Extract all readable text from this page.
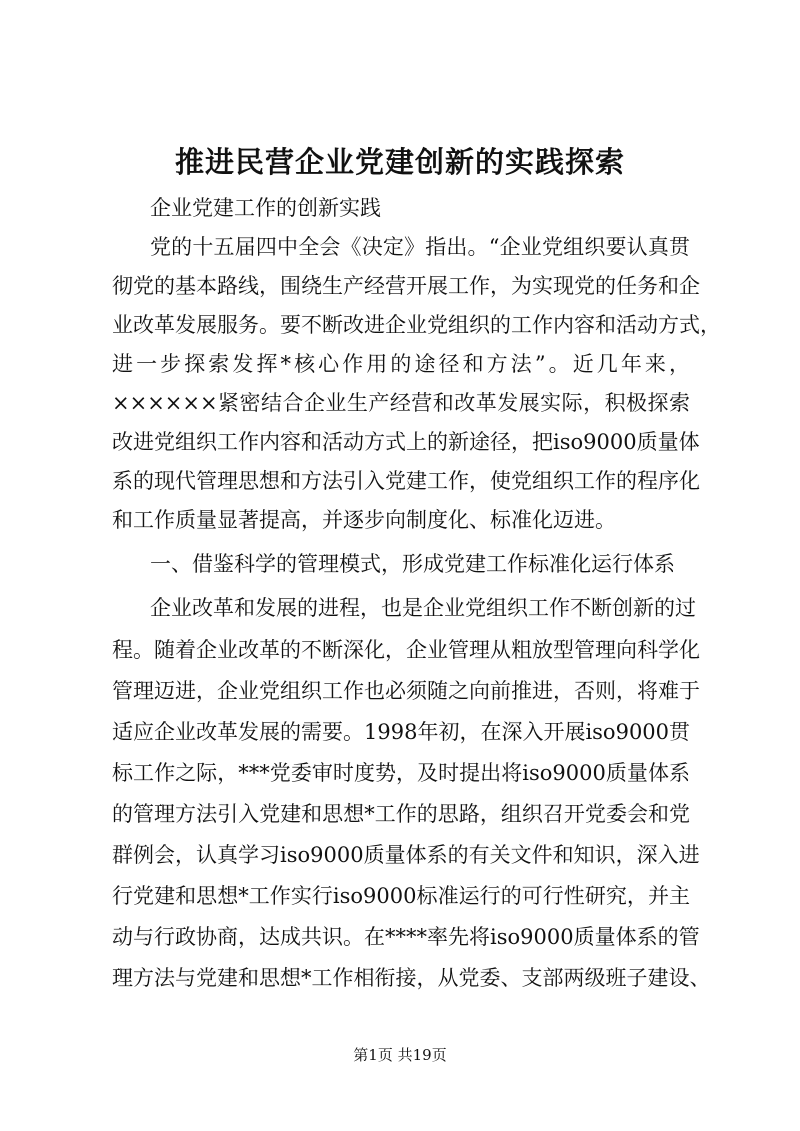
推进民营企业党建创新的实践探索
企业党建工作的创新实践
党的十五届四中全会《决定》指出。“企业党组织要认真贯
彻党的基本路线，围绕生产经营开展工作，为实现党的任务和企
业改革发展服务。要不断改进企业党组织的工作内容和活动方式，
进一步探索发挥*核心作用的途径和方法”。近几年来，
××××××紧密结合企业生产经营和改革发展实际，积极探索
改进党组织工作内容和活动方式上的新途径，把iso9000质量体
系的现代管理思想和方法引入党建工作，使党组织工作的程序化
和工作质量显著提高，并逐步向制度化、标准化迈进。
一、借鉴科学的管理模式，形成党建工作标准化运行体系
企业改革和发展的进程，也是企业党组织工作不断创新的过
程。随着企业改革的不断深化，企业管理从粗放型管理向科学化
管理迈进，企业党组织工作也必须随之向前推进，否则，将难于
适应企业改革发展的需要。1998年初，在深入开展iso9000贯
标工作之际，***党委审时度势，及时提出将iso9000质量体系
的管理方法引入党建和思想*工作的思路，组织召开党委会和党
群例会，认真学习iso9000质量体系的有关文件和知识，深入进
行党建和思想*工作实行iso9000标准运行的可行性研究，并主
动与行政协商，达成共识。在****率先将iso9000质量体系的管
理方法与党建和思想*工作相衔接，从党委、支部两级班子建设、
第1页 共19页
